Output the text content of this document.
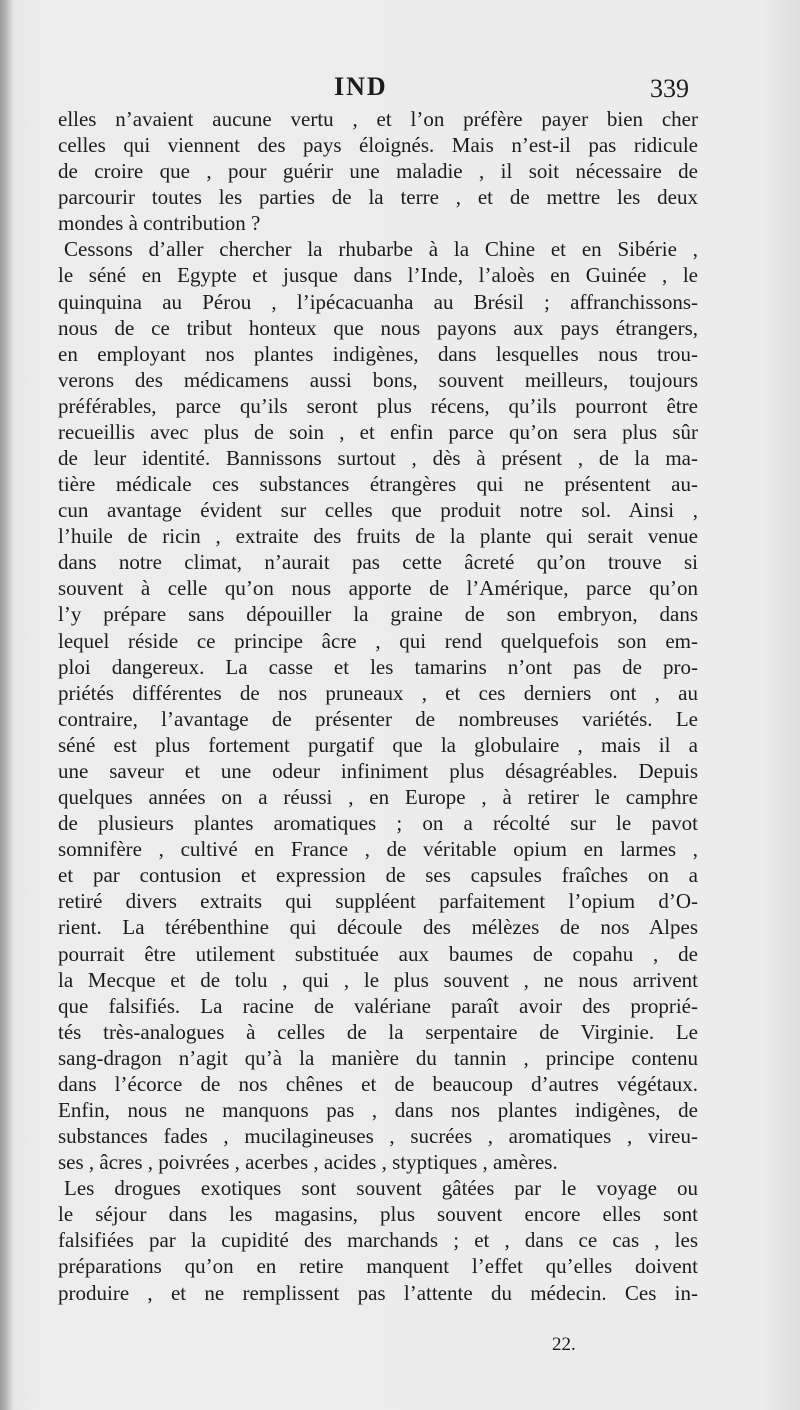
IND	339
elles n’avaient aucune vertu , et l’on préfère payer bien cher
celles qui viennent des pays éloignés. Mais n’est-il pas ridicule
de croire que , pour guérir une maladie , il soit nécessaire de
parcourir toutes les parties de la terre , et de mettre les deux
mondes à contribution ?
Cessons d’aller chercher la rhubarbe à la Chine et en Sibérie ,
le séné en Egypte et jusque dans l’Inde, l’aloès en Guinée , le
quinquina au Pérou , l’ipécacuanha au Brésil ; affranchissons-
nous de ce tribut honteux que nous payons aux pays étrangers,
en employant nos plantes indigènes, dans lesquelles nous trou-
verons des médicamens aussi bons, souvent meilleurs, toujours
préférables, parce qu’ils seront plus récens, qu’ils pourront être
recueillis avec plus de soin , et enfin parce qu’on sera plus sûr
de leur identité. Bannissons surtout , dès à présent , de la ma-
tière médicale ces substances étrangères qui ne présentent au-
cun avantage évident sur celles que produit notre sol. Ainsi ,
l’huile de ricin , extraite des fruits de la plante qui serait venue
dans notre climat, n’aurait pas cette âcreté qu’on trouve si
souvent à celle qu’on nous apporte de l’Amérique, parce qu’on
l’y prépare sans dépouiller la graine de son embryon, dans
lequel réside ce principe âcre , qui rend quelquefois son em-
ploi dangereux. La casse et les tamarins n’ont pas de pro-
priétés différentes de nos pruneaux , et ces derniers ont , au
contraire, l’avantage de présenter de nombreuses variétés. Le
séné est plus fortement purgatif que la globulaire , mais il a
une saveur et une odeur infiniment plus désagréables. Depuis
quelques années on a réussi , en Europe , à retirer le camphre
de plusieurs plantes aromatiques ; on a récolté sur le pavot
somnifère , cultivé en France , de véritable opium en larmes ,
et par contusion et expression de ses capsules fraîches on a
retiré divers extraits qui suppléent parfaitement l’opium d’O-
rient. La térébenthine qui découle des mélèzes de nos Alpes
pourrait être utilement substituée aux baumes de copahu , de
la Mecque et de tolu , qui , le plus souvent , ne nous arrivent
que falsifiés. La racine de valériane paraît avoir des proprié-
tés très-analogues à celles de la serpentaire de Virginie. Le
sang-dragon n’agit qu’à la manière du tannin , principe contenu
dans l’écorce de nos chênes et de beaucoup d’autres végétaux.
Enfin, nous ne manquons pas , dans nos plantes indigènes, de
substances fades , mucilagineuses , sucrées , aromatiques , vireu-
ses , âcres , poivrées , acerbes , acides , styptiques , amères.
Les drogues exotiques sont souvent gâtées par le voyage ou
le séjour dans les magasins, plus souvent encore elles sont
falsifiées par la cupidité des marchands ; et , dans ce cas , les
préparations qu’on en retire manquent l’effet qu’elles doivent
produire , et ne remplissent pas l’attente du médecin. Ces in-
22.
